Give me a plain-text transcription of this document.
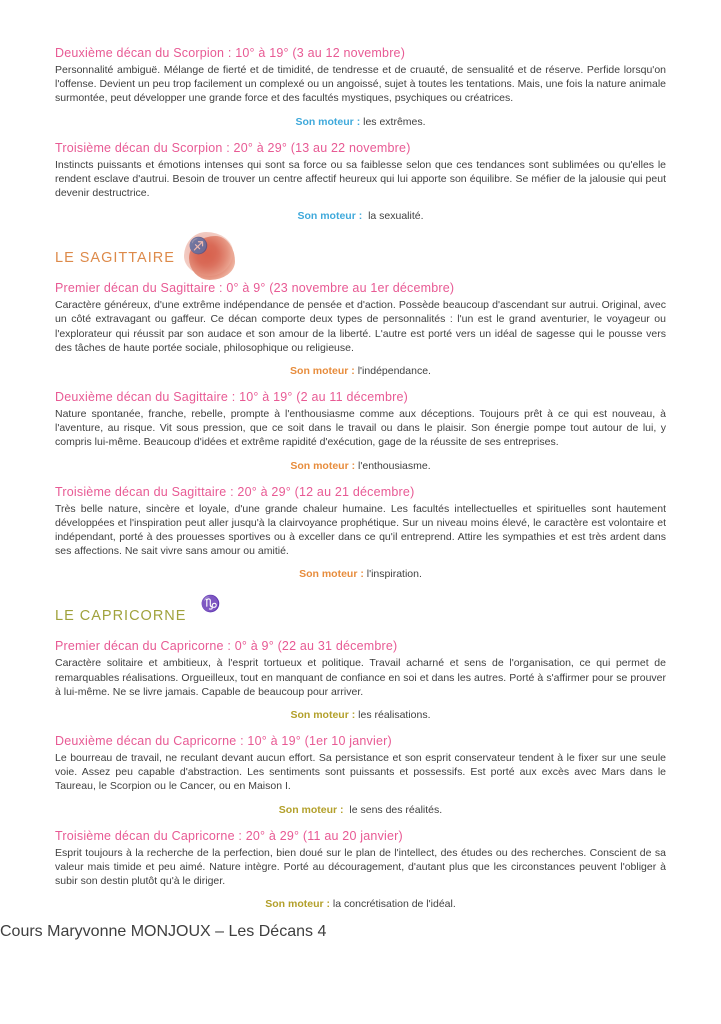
Deuxième décan du Scorpion : 10° à 19° (3 au 12 novembre)

Personnalité ambiguë. Mélange de fierté et de timidité, de tendresse et de cruauté, de sensualité et de réserve. Perfide lorsqu'on l'offense. Devient un peu trop facilement un complexé ou un angoissé, sujet à toutes les tentations. Mais, une fois la nature animale surmontée, peut développer une grande force et des facultés mystiques, psychiques ou créatrices.

Son moteur : les extrêmes.

Troisième décan du Scorpion : 20° à 29° (13 au 22 novembre)

Instincts puissants et émotions intenses qui sont sa force ou sa faiblesse selon que ces tendances sont sublimées ou qu'elles le rendent esclave d'autrui. Besoin de trouver un centre affectif heureux qui lui apporte son équilibre. Se méfier de la jalousie qui peut devenir destructrice.

Son moteur : la sexualité.

LE SAGITTAIRE
♐
Premier décan du Sagittaire : 0° à 9° (23 novembre au 1er décembre)

Caractère généreux, d'une extrême indépendance de pensée et d'action. Possède beaucoup d'ascendant sur autrui. Original, avec un côté extravagant ou gaffeur. Ce décan comporte deux types de personnalités : l'un est le grand aventurier, le voyageur ou l'explorateur qui réussit par son audace et son amour de la liberté. L'autre est porté vers un idéal de sagesse qui le pousse vers des tâches de haute portée sociale, philosophique ou religieuse.

Son moteur : l'indépendance.

Deuxième décan du Sagittaire : 10° à 19° (2 au 11 décembre)

Nature spontanée, franche, rebelle, prompte à l'enthousiasme comme aux déceptions. Toujours prêt à ce qui est nouveau, à l'aventure, au risque. Vit sous pression, que ce soit dans le travail ou dans le plaisir. Son énergie pompe tout autour de lui, y compris lui-même. Beaucoup d'idées et extrême rapidité d'exécution, gage de la réussite de ses entreprises.

Son moteur : l'enthousiasme.

Troisième décan du Sagittaire : 20° à 29° (12 au 21 décembre)

Très belle nature, sincère et loyale, d'une grande chaleur humaine. Les facultés intellectuelles et spirituelles sont hautement développées et l'inspiration peut aller jusqu'à la clairvoyance prophétique. Sur un niveau moins élevé, le caractère est volontaire et indépendant, porté à des prouesses sportives ou à exceller dans ce qu'il entreprend. Attire les sympathies et est très ardent dans ses affections. Ne sait vivre sans amour ou amitié.

Son moteur : l'inspiration.

LE CAPRICORNE
♑
Premier décan du Capricorne : 0° à 9° (22 au 31 décembre)

Caractère solitaire et ambitieux, à l'esprit tortueux et politique. Travail acharné et sens de l'organisation, ce qui permet de remarquables réalisations. Orgueilleux, tout en manquant de confiance en soi et dans les autres. Porté à s'affirmer pour se prouver à lui-même. Ne se livre jamais. Capable de beaucoup pour arriver.

Son moteur : les réalisations.

Deuxième décan du Capricorne : 10° à 19° (1er 10 janvier)

Le bourreau de travail, ne reculant devant aucun effort. Sa persistance et son esprit conservateur tendent à le fixer sur une seule voie. Assez peu capable d'abstraction. Les sentiments sont puissants et possessifs. Est porté aux excès avec Mars dans le Taureau, le Scorpion ou le Cancer, ou en Maison I.

Son moteur : le sens des réalités.

Troisième décan du Capricorne : 20° à 29° (11 au 20 janvier)

Esprit toujours à la recherche de la perfection, bien doué sur le plan de l'intellect, des études ou des recherches. Conscient de sa valeur mais timide et peu aimé. Nature intègre. Porté au découragement, d'autant plus que les circonstances peuvent l'obliger à subir son destin plutôt qu'à le diriger.

Son moteur : la concrétisation de l'idéal.

Cours Maryvonne MONJOUX – Les Décans 4
